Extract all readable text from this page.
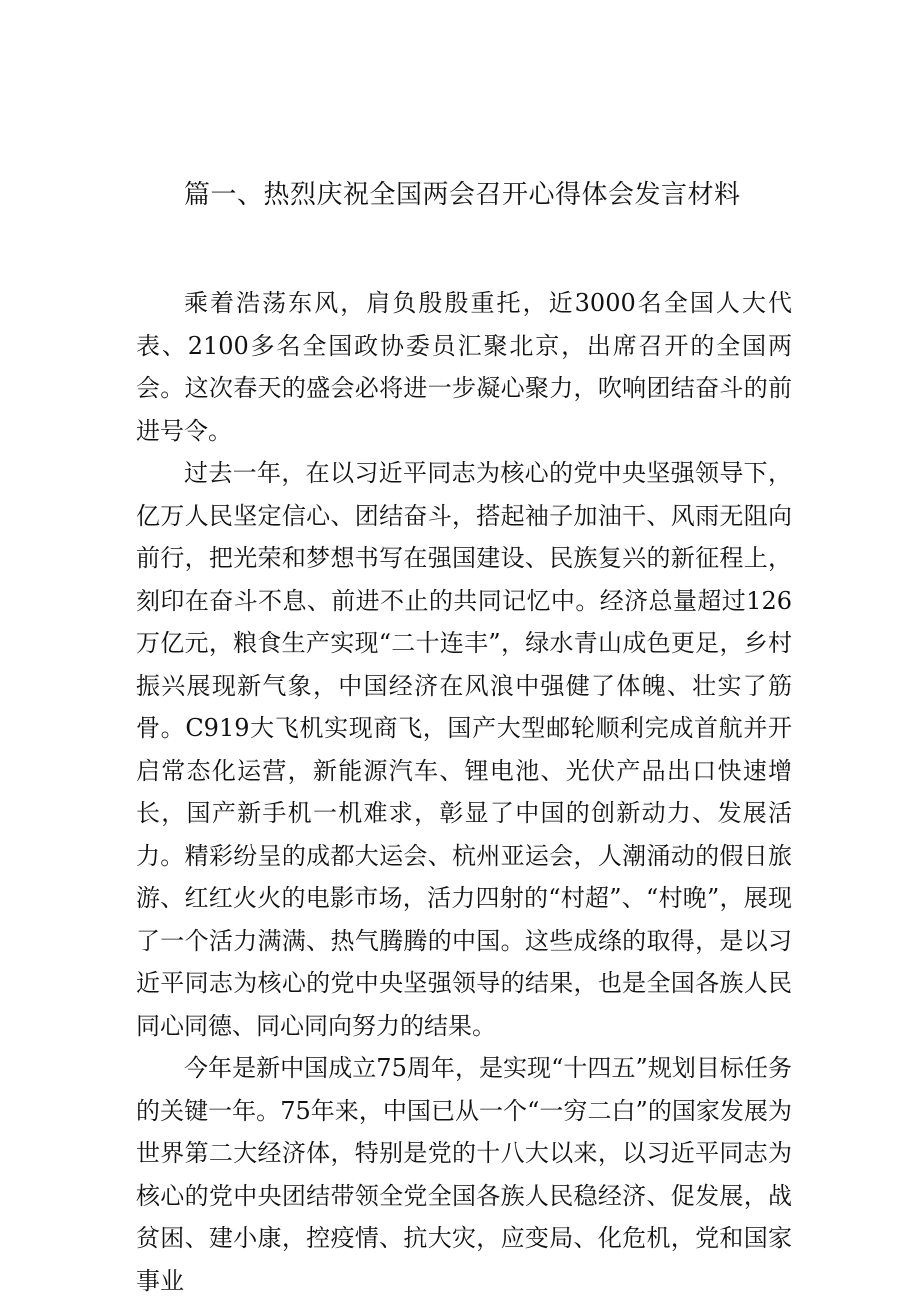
篇一、热烈庆祝全国两会召开心得体会发言材料

乘着浩荡东风，肩负殷殷重托，近3000名全国人大代表、2100多名全国政协委员汇聚北京，出席召开的全国两会。这次春天的盛会必将进一步凝心聚力，吹响团结奋斗的前进号令。

过去一年，在以习近平同志为核心的党中央坚强领导下，亿万人民坚定信心、团结奋斗，搭起袖子加油干、风雨无阻向前行，把光荣和梦想书写在强国建设、民族复兴的新征程上，刻印在奋斗不息、前进不止的共同记忆中。经济总量超过126万亿元，粮食生产实现“二十连丰”，绿水青山成色更足，乡村振兴展现新气象，中国经济在风浪中强健了体魄、壮实了筋骨。C919大飞机实现商飞，国产大型邮轮顺利完成首航并开启常态化运营，新能源汽车、锂电池、光伏产品出口快速增长，国产新手机一机难求，彰显了中国的创新动力、发展活力。精彩纷呈的成都大运会、杭州亚运会，人潮涌动的假日旅游、红红火火的电影市场，活力四射的“村超”、“村晚”，展现了一个活力满满、热气腾腾的中国。这些成绦的取得，是以习近平同志为核心的党中央坚强领导的结果，也是全国各族人民同心同德、同心同向努力的结果。

今年是新中国成立75周年，是实现“十四五”规划目标任务的关键一年。75年来，中国已从一个“一穷二白”的国家发展为世界第二大经济体，特别是党的十八大以来，以习近平同志为核心的党中央团结带领全党全国各族人民稳经济、促发展，战贫困、建小康，控疫情、抗大灾，应变局、化危机，党和国家事业
